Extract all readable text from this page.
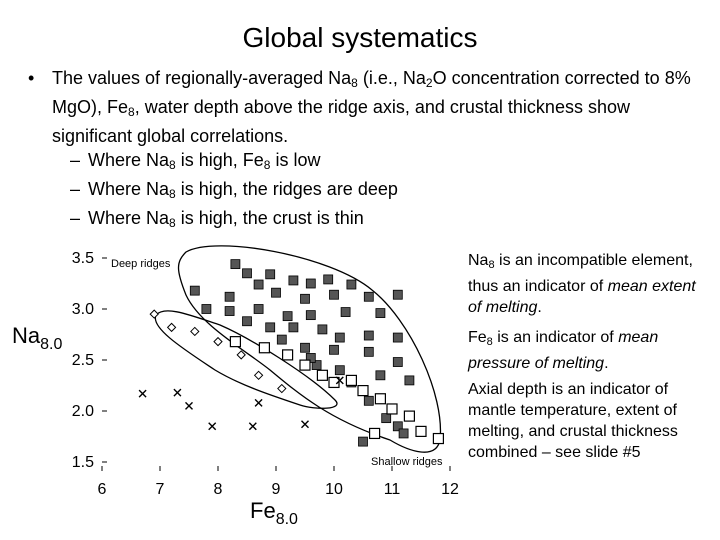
Global systematics
• The values of regionally-averaged Na8 (i.e., Na2O concentration corrected to 8% MgO), Fe8, water depth above the ridge axis, and crustal thickness show significant global correlations.
– Where Na8 is high, Fe8 is low
– Where Na8 is high, the ridges are deep
– Where Na8 is high, the crust is thin
1.5
2.0
2.5
3.0
3.5
6	7	8	9	10	11	12
Deep ridges
Shallow ridges
$Na_{8.0}$
$Fe_{8.0}$
Na8 is an incompatible element, thus an indicator of mean extent of melting.
Fe8 is an indicator of mean pressure of melting.
Axial depth is an indicator of mantle temperature, extent of melting, and crustal thickness combined – see slide #5
